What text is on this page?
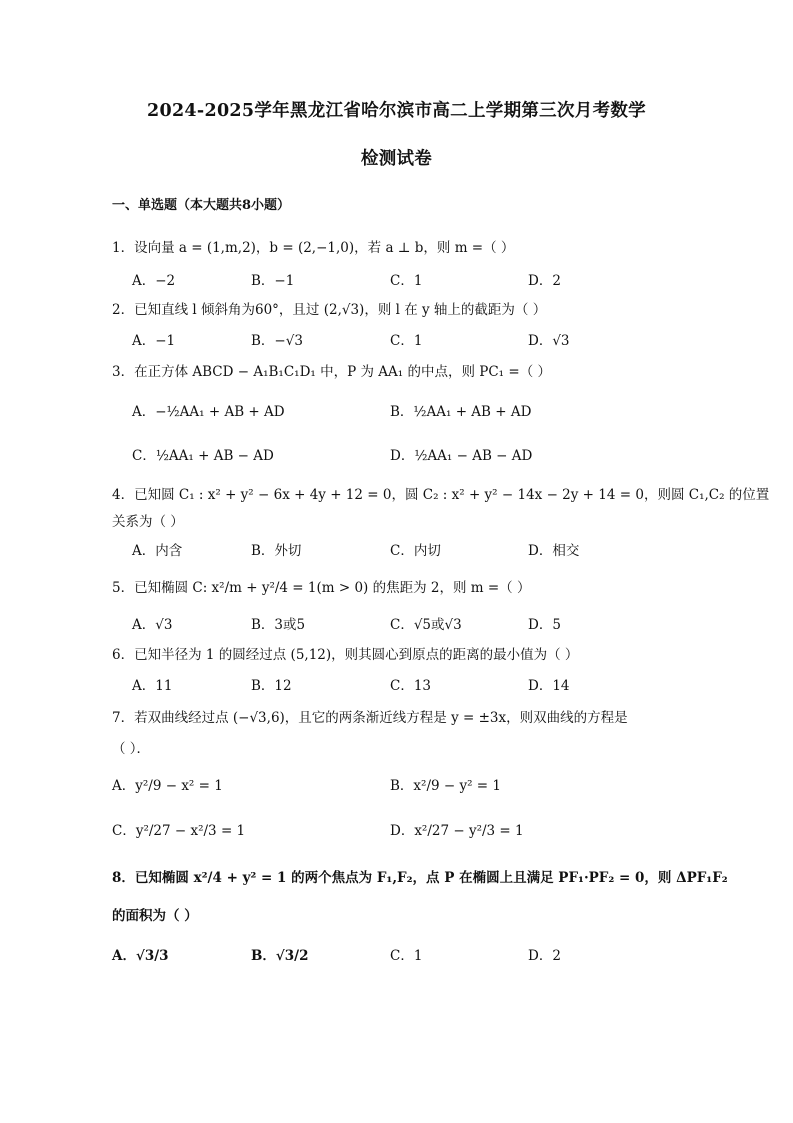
2024-2025学年黑龙江省哈尔滨市高二上学期第三次月考数学
检测试卷
一、单选题（本大题共8小题）
1．设向量 a = (1,m,2)，b = (2,−1,0)，若 a ⊥ b，则 m =（ ）
A．−2	B．−1	C．1	D．2
2．已知直线 l 倾斜角为60°，且过 (2,√3)，则 l 在 y 轴上的截距为（ ）
A．−1	B．−√3	C．1	D．√3
3．在正方体 ABCD − A₁B₁C₁D₁ 中，P 为 AA₁ 的中点，则 PC₁ =（ ）
A．−½AA₁ + AB + AD	B．½AA₁ + AB + AD
C．½AA₁ + AB − AD	D．½AA₁ − AB − AD
4．已知圆 C₁ : x² + y² − 6x + 4y + 12 = 0，圆 C₂ : x² + y² − 14x − 2y + 14 = 0，则圆 C₁,C₂ 的位置
关系为（ ）
A．内含	B．外切	C．内切	D．相交
5．已知椭圆 C: x²/m + y²/4 = 1(m > 0) 的焦距为 2，则 m =（ ）
A．√3	B．3或5	C．√5或√3	D．5
6．已知半径为 1 的圆经过点 (5,12)，则其圆心到原点的距离的最小值为（ ）
A．11	B．12	C．13	D．14
7．若双曲线经过点 (−√3,6)，且它的两条渐近线方程是 y = ±3x，则双曲线的方程是
（ ）．
A．y²/9 − x² = 1	B．x²/9 − y² = 1
C．y²/27 − x²/3 = 1	D．x²/27 − y²/3 = 1
8．已知椭圆 x²/4 + y² = 1 的两个焦点为 F₁,F₂，点 P 在椭圆上且满足 PF₁·PF₂ = 0，则 ΔPF₁F₂
的面积为（ ）
A．√3/3	B．√3/2	C．1	D．2
